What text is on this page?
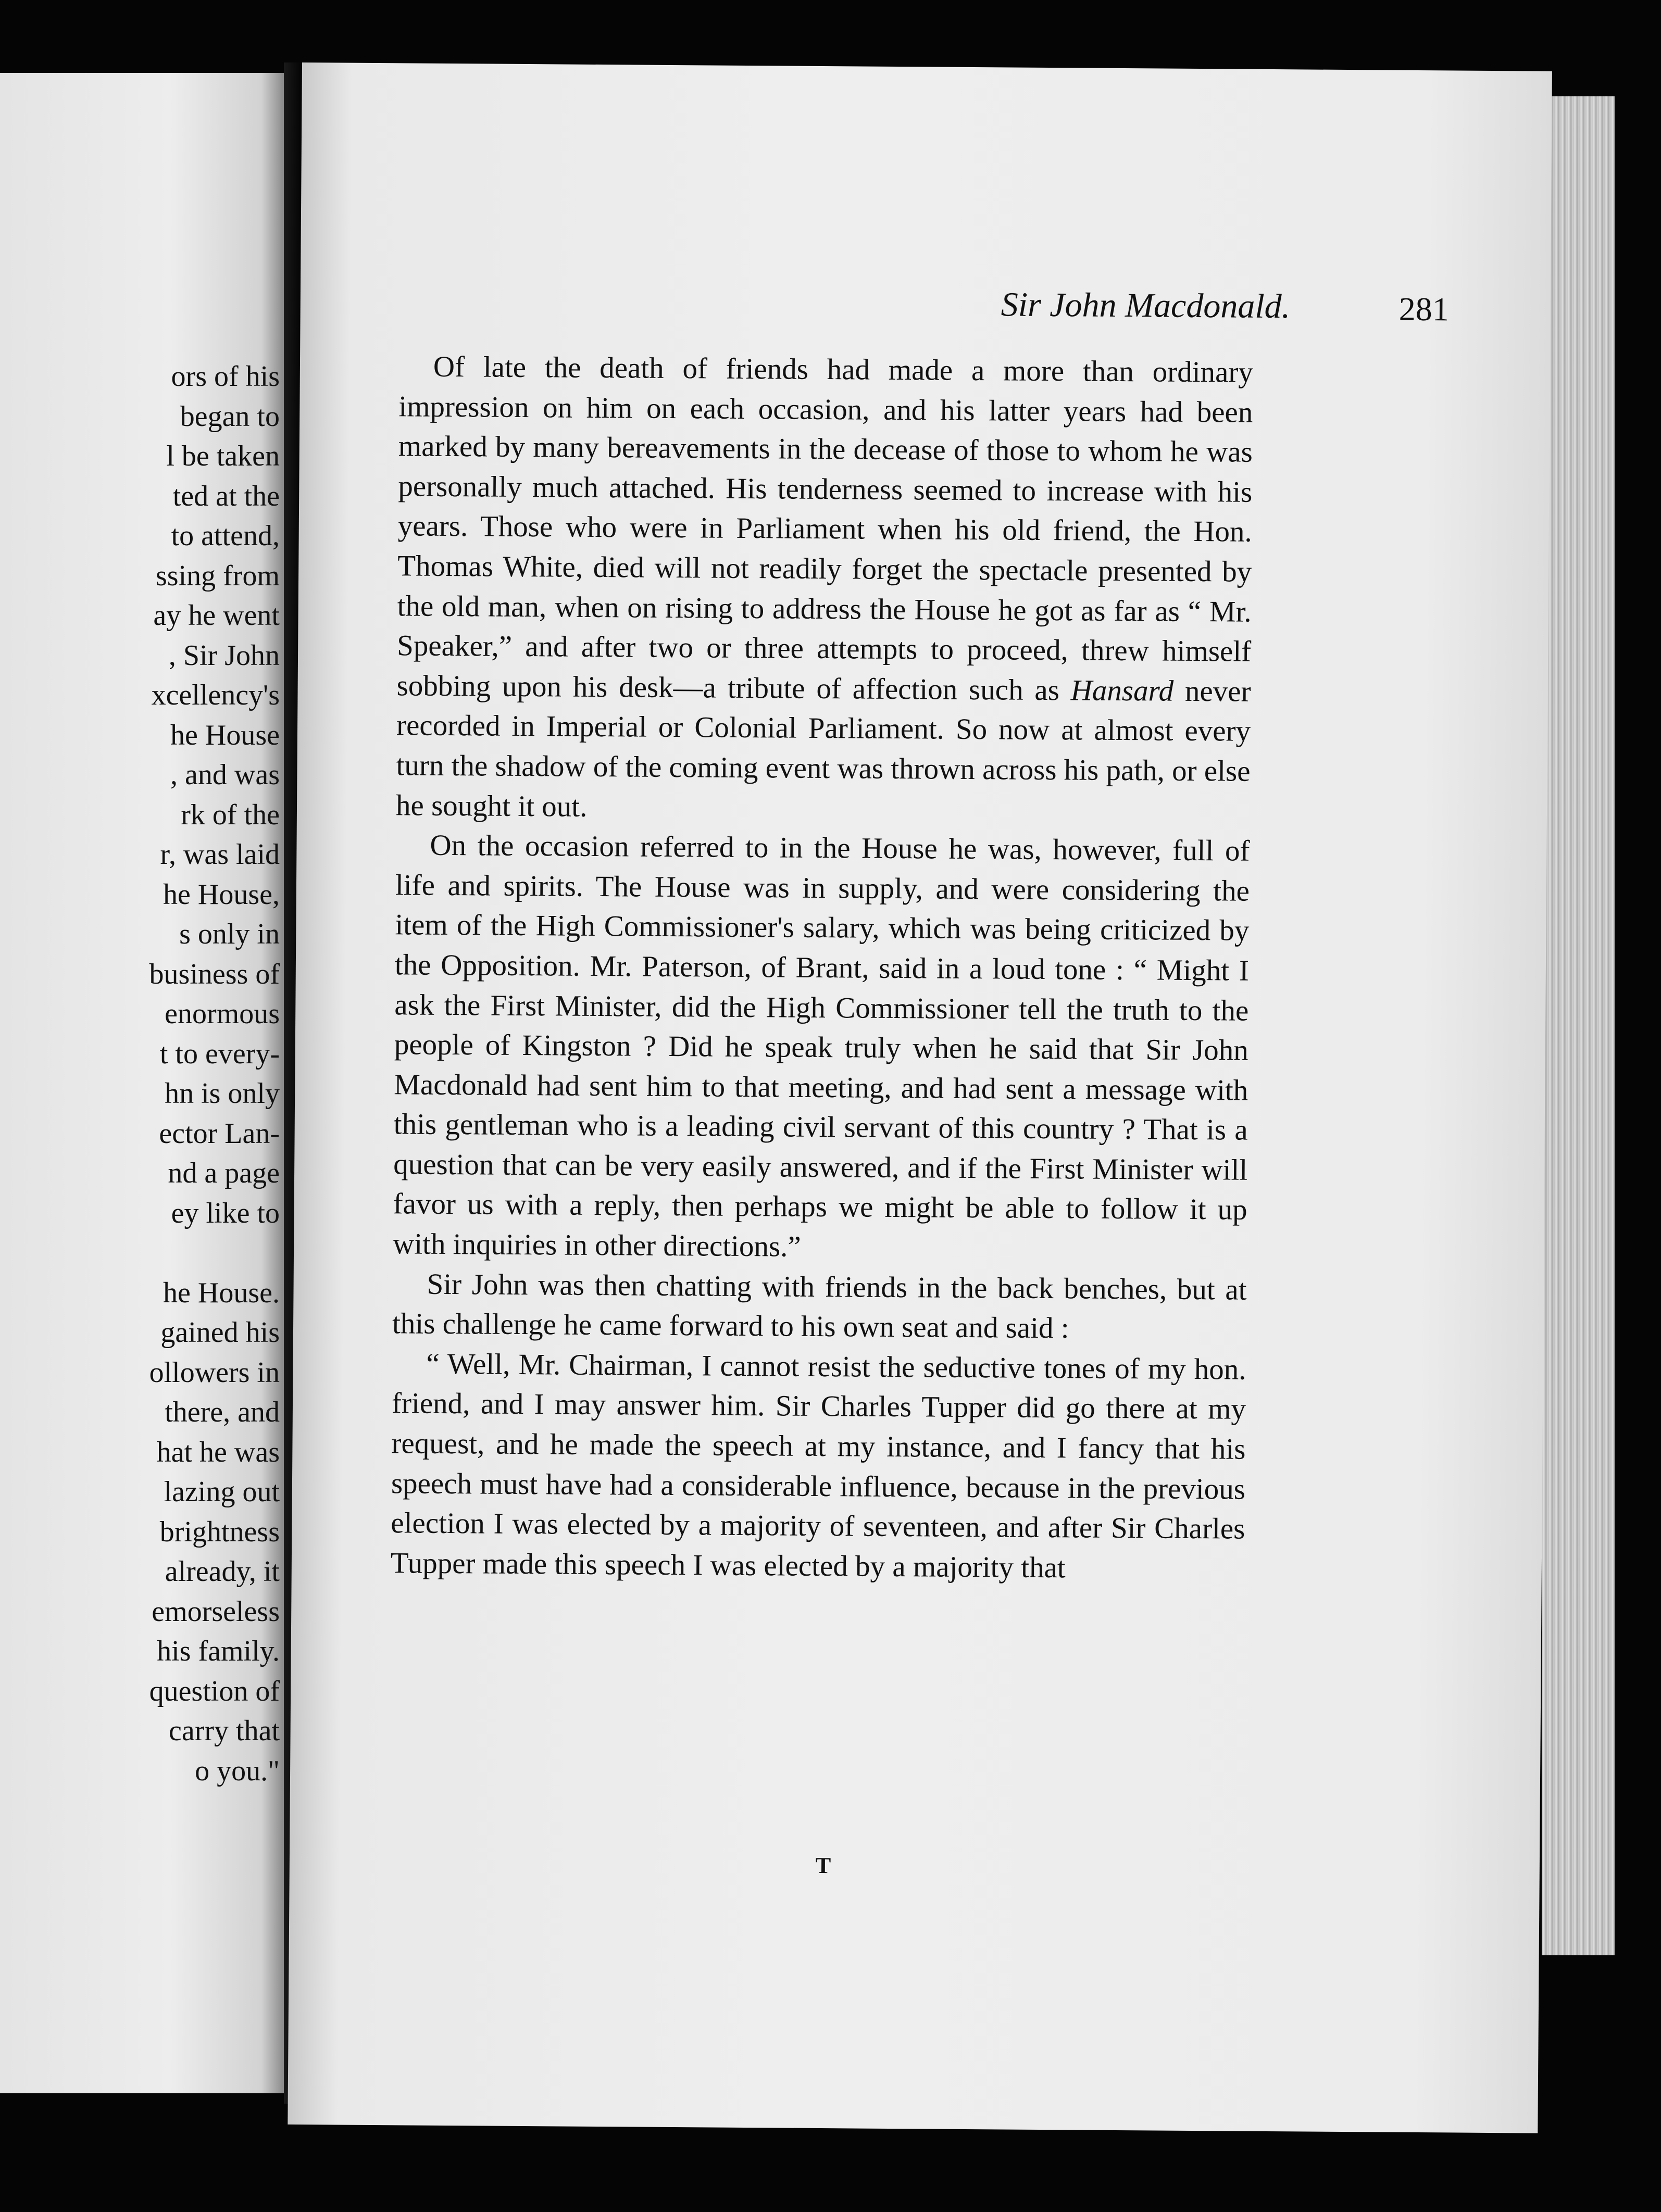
ors of his
began to
l be taken
ted at the
to attend,
ssing from
ay he went
, Sir John
xcellency's
he House
, and was
rk of the
r, was laid
he House,
s only in
business of
enormous
t to every-
hn is only
ector Lan-
nd a page
ey like to
he House.
gained his
ollowers in
there, and
hat he was
lazing out
brightness
already, it
emorseless
his family.
question of
carry that
o you."
Sir John Macdonald.	281

Of late the death of friends had made a more than ordinary impression on him on each occasion, and his latter years had been marked by many bereavements in the decease of those to whom he was personally much attached. His tenderness seemed to increase with his years. Those who were in Parliament when his old friend, the Hon. Thomas White, died will not readily forget the spectacle presented by the old man, when on rising to address the House he got as far as “ Mr. Speaker,” and after two or three attempts to proceed, threw himself sobbing upon his desk—a tribute of affection such as Hansard never recorded in Imperial or Colonial Parliament. So now at almost every turn the shadow of the coming event was thrown across his path, or else he sought it out.

On the occasion referred to in the House he was, however, full of life and spirits. The House was in supply, and were considering the item of the High Commissioner's salary, which was being criticized by the Opposition. Mr. Paterson, of Brant, said in a loud tone : “ Might I ask the First Minister, did the High Commissioner tell the truth to the people of Kingston ? Did he speak truly when he said that Sir John Macdonald had sent him to that meeting, and had sent a message with this gentleman who is a leading civil servant of this country ? That is a question that can be very easily answered, and if the First Minister will favor us with a reply, then perhaps we might be able to follow it up with inquiries in other directions.”

Sir John was then chatting with friends in the back benches, but at this challenge he came forward to his own seat and said :

“ Well, Mr. Chairman, I cannot resist the seductive tones of my hon. friend, and I may answer him. Sir Charles Tupper did go there at my request, and he made the speech at my instance, and I fancy that his speech must have had a considerable influence, because in the previous election I was elected by a majority of seventeen, and after Sir Charles Tupper made this speech I was elected by a majority that

T
